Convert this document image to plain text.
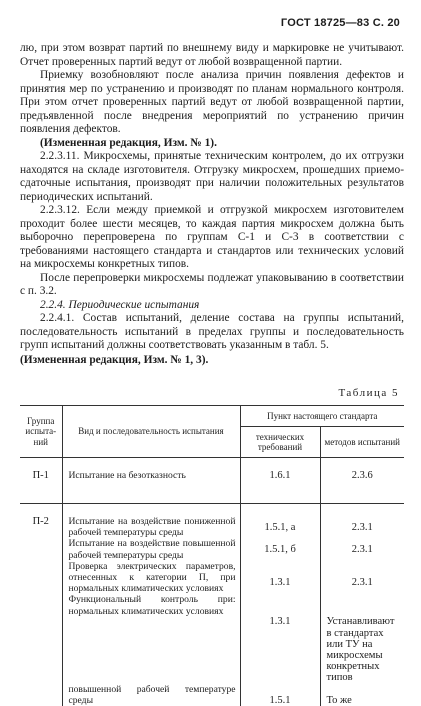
ГОСТ 18725—83 С. 20

лю, при этом возврат партий по внешнему виду и маркировке не учитывают. Отчет проверенных партий ведут от любой возвращенной партии.

Приемку возобновляют после анализа причин появления дефектов и принятия мер по устранению и производят по планам нормального контроля. При этом отчет проверенных партий ведут от любой возвращенной партии, предъявленной после внедрения мероприятий по устранению причин появления дефектов.

(Измененная редакция, Изм. № 1).

2.2.3.11. Микросхемы, принятые техническим контролем, до их отгрузки находятся на складе изготовителя. Отгрузку микросхем, прошедших приемо-сдаточные испытания, производят при наличии положительных результатов периодических испытаний.

2.2.3.12. Если между приемкой и отгрузкой микросхем изготовителем проходит более шести месяцев, то каждая партия микросхем должна быть выборочно перепроверена по группам С-1 и С-3 в соответствии с требованиями настоящего стандарта и стандартов или технических условий на микросхемы конкретных типов.

После перепроверки микросхемы подлежат упаковыванию в соответствии с п. 3.2.

2.2.4. Периодические испытания

2.2.4.1. Состав испытаний, деление состава на группы испытаний, последовательность испытаний в пределах группы и последовательность групп испытаний должны соответствовать указанным в табл. 5.

(Измененная редакция, Изм. № 1, 3).

Таблица 5
Группа испыта-ний	Вид и последовательность испытания	Пункт настоящего стандарта	
		технических требований	методов испытаний
П-1	Испытание на безотказность	1.6.1	2.3.6
П-2	Испытание на воздействие пониженной рабочей температуры среды	1.5.1, а	2.3.1
	Испытание на воздействие повышенной рабочей температуры среды	1.5.1, б	2.3.1
	Проверка электрических параметров, отнесенных к категории П, при нормальных климатических условиях	1.3.1	2.3.1
	Функциональный контроль при: нормальных климатических условиях	1.3.1	Устанавливают в стандартах или ТУ на микросхемы конкретных типов
	повышенной рабочей температуре среды	1.5.1	То же
